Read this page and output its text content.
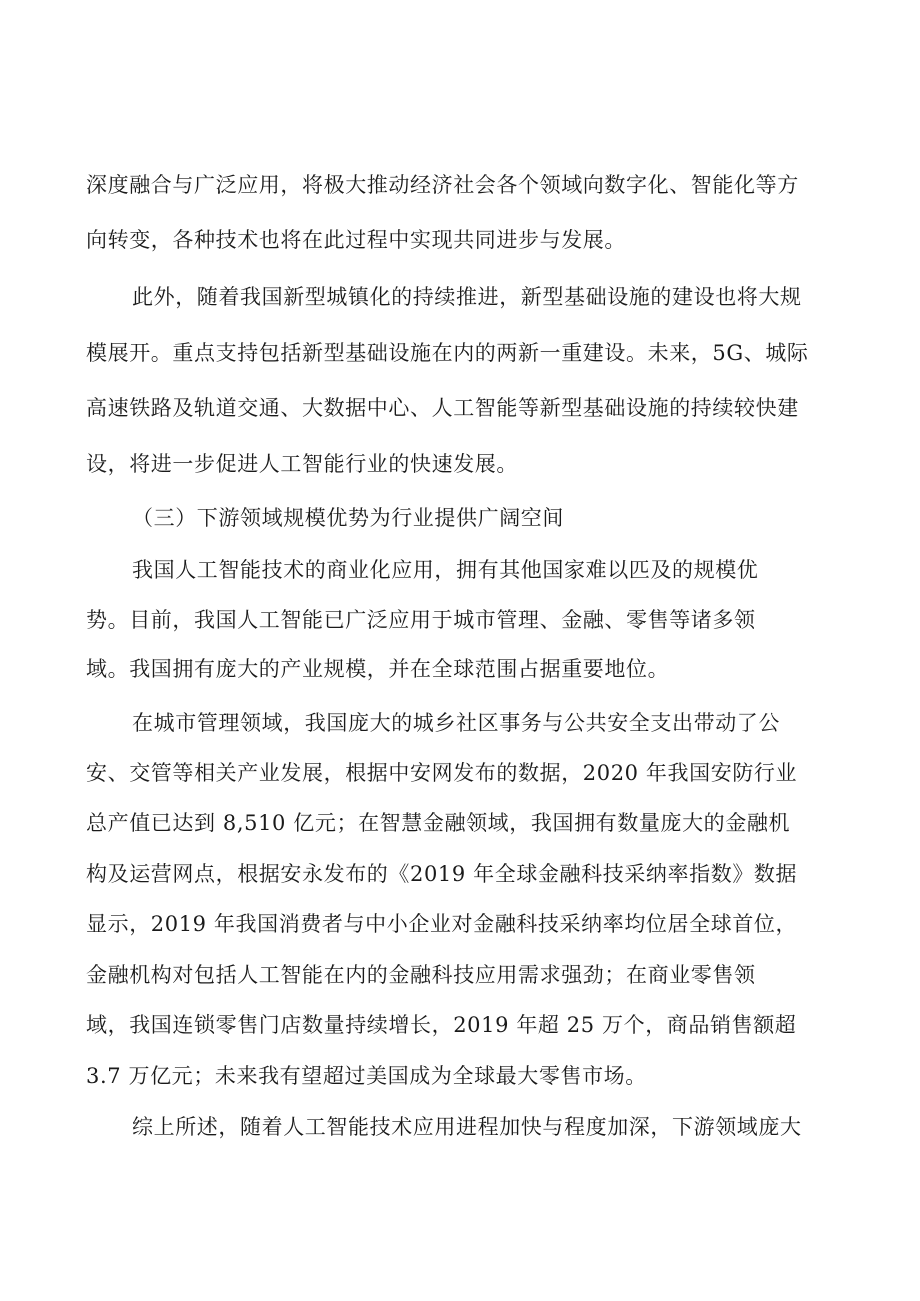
深度融合与广泛应用，将极大推动经济社会各个领域向数字化、智能化等方
向转变，各种技术也将在此过程中实现共同进步与发展。
此外，随着我国新型城镇化的持续推进，新型基础设施的建设也将大规
模展开。重点支持包括新型基础设施在内的两新一重建设。未来，5G、城际
高速铁路及轨道交通、大数据中心、人工智能等新型基础设施的持续较快建
设，将进一步促进人工智能行业的快速发展。
（三）下游领域规模优势为行业提供广阔空间
我国人工智能技术的商业化应用，拥有其他国家难以匹及的规模优
势。目前，我国人工智能已广泛应用于城市管理、金融、零售等诸多领
域。我国拥有庞大的产业规模，并在全球范围占据重要地位。
在城市管理领域，我国庞大的城乡社区事务与公共安全支出带动了公
安、交管等相关产业发展，根据中安网发布的数据，2020 年我国安防行业
总产值已达到 8,510 亿元；在智慧金融领域，我国拥有数量庞大的金融机
构及运营网点，根据安永发布的《2019 年全球金融科技采纳率指数》数据
显示，2019 年我国消费者与中小企业对金融科技采纳率均位居全球首位，
金融机构对包括人工智能在内的金融科技应用需求强劲；在商业零售领
域，我国连锁零售门店数量持续增长，2019 年超 25 万个，商品销售额超
3.7 万亿元；未来我有望超过美国成为全球最大零售市场。
综上所述，随着人工智能技术应用进程加快与程度加深，下游领域庞大
